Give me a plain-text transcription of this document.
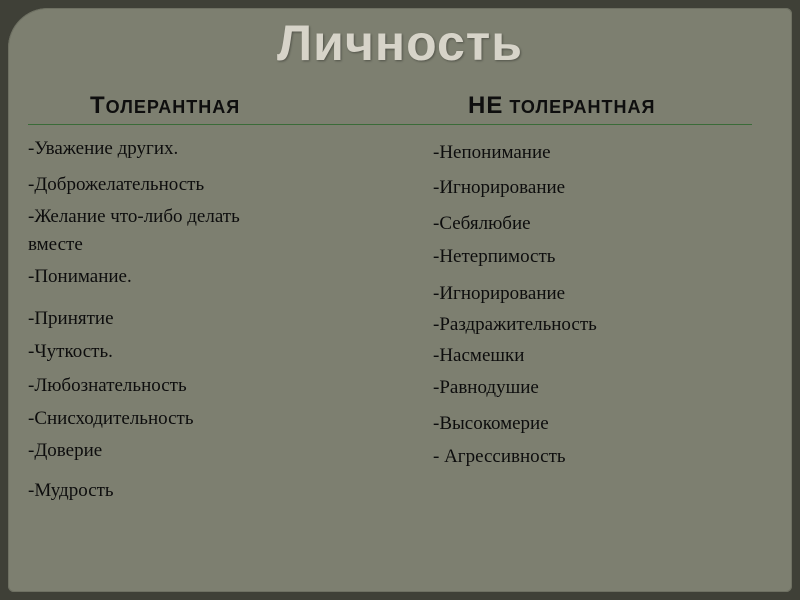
Личность
ТОЛЕРАНТНАЯ	НЕ ТОЛЕРАНТНАЯ
-Уважение других.
-Доброжелательность
-Желание что-либо делать
вместе
-Понимание.
-Принятие
-Чуткость.
-Любознательность
-Снисходительность
-Доверие
-Мудрость
-Непонимание
-Игнорирование
-Себялюбие
-Нетерпимость
-Игнорирование
-Раздражительность
-Насмешки
-Равнодушие
-Высокомерие
- Агрессивность
